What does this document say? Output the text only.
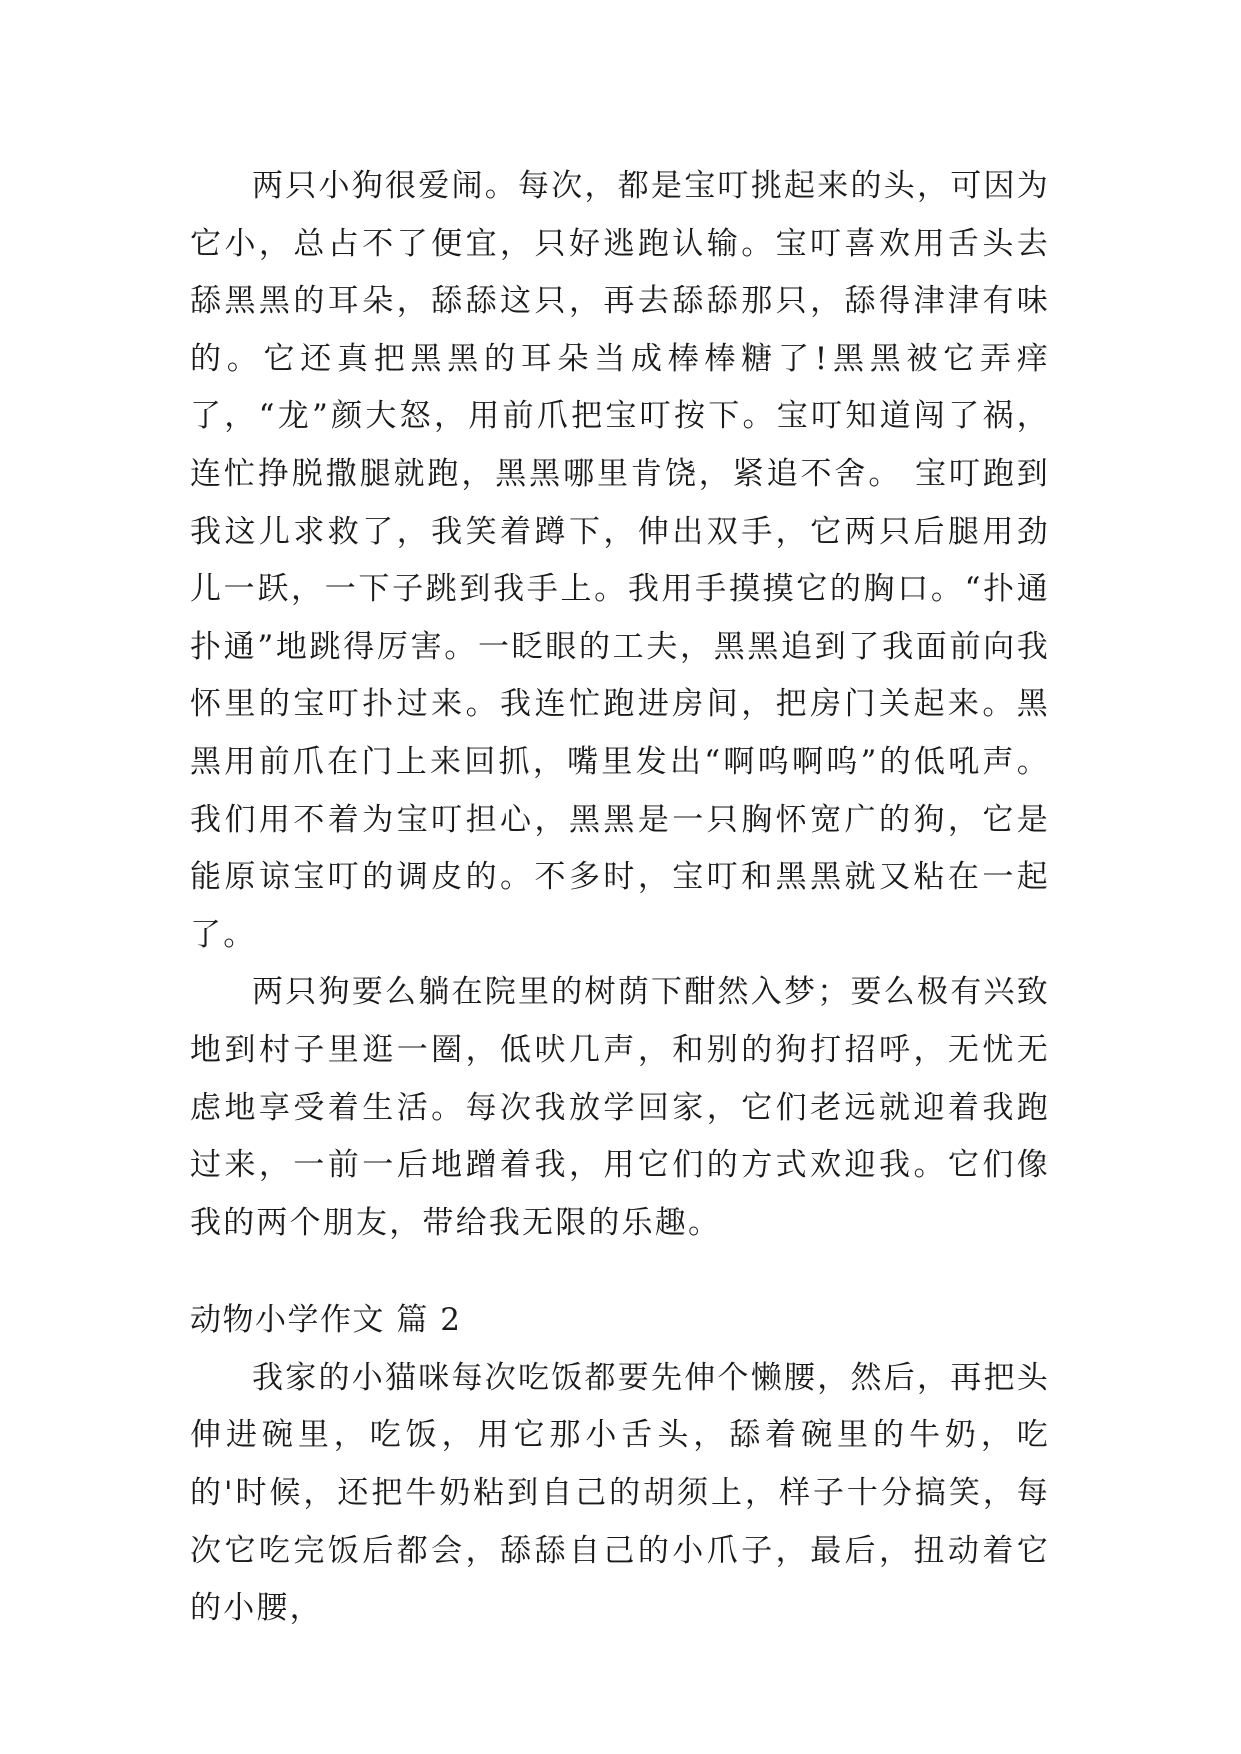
两只小狗很爱闹。每次，都是宝叮挑起来的头，可因为它小，总占不了便宜，只好逃跑认输。宝叮喜欢用舌头去舔黑黑的耳朵，舔舔这只，再去舔舔那只，舔得津津有味的。它还真把黑黑的耳朵当成棒棒糖了!黑黑被它弄痒了，“龙”颜大怒，用前爪把宝叮按下。宝叮知道闯了祸，连忙挣脱撒腿就跑，黑黑哪里肯饶，紧追不舍。 宝叮跑到我这儿求救了，我笑着蹲下，伸出双手，它两只后腿用劲儿一跃，一下子跳到我手上。我用手摸摸它的胸口。“扑通扑通”地跳得厉害。一眨眼的工夫，黑黑追到了我面前向我怀里的宝叮扑过来。我连忙跑进房间，把房门关起来。黑黑用前爪在门上来回抓，嘴里发出“啊呜啊呜”的低吼声。我们用不着为宝叮担心，黑黑是一只胸怀宽广的狗，它是能原谅宝叮的调皮的。不多时，宝叮和黑黑就又粘在一起了。

两只狗要么躺在院里的树荫下酣然入梦；要么极有兴致地到村子里逛一圈，低吠几声，和别的狗打招呼，无忧无虑地享受着生活。每次我放学回家，它们老远就迎着我跑过来，一前一后地蹭着我，用它们的方式欢迎我。它们像我的两个朋友，带给我无限的乐趣。

动物小学作文 篇 2

我家的小猫咪每次吃饭都要先伸个懒腰，然后，再把头伸进碗里，吃饭，用它那小舌头，舔着碗里的牛奶，吃的'时候，还把牛奶粘到自己的胡须上，样子十分搞笑，每次它吃完饭后都会，舔舔自己的小爪子，最后，扭动着它的小腰，
